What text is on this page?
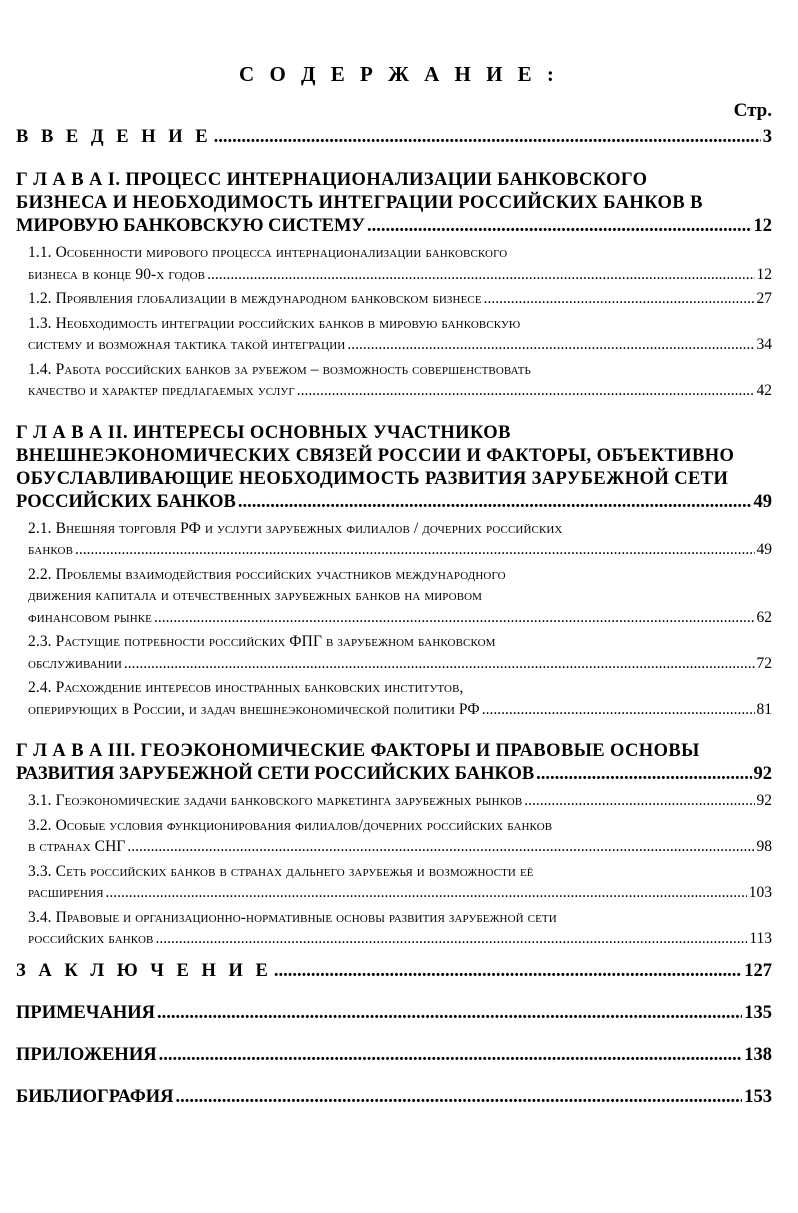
С О Д Е Р Ж А Н И Е :
Стр.
В В Е Д Е Н И Е .....	3
Г Л А В А I. ПРОЦЕСС ИНТЕРНАЦИОНАЛИЗАЦИИ БАНКОВСКОГО
БИЗНЕСА И НЕОБХОДИМОСТЬ ИНТЕГРАЦИИ РОССИЙСКИХ БАНКОВ В
МИРОВУЮ БАНКОВСКУЮ СИСТЕМУ .....	12
1.1. Особенности мирового процесса интернационализации банковского
бизнеса в конце 90-х годов .....	12
1.2. Проявления глобализации в международном банковском бизнесе .....	27
1.3. Необходимость интеграции российских банков в мировую банковскую
систему и возможная тактика такой интеграции .....	34
1.4. Работа российских банков за рубежом – возможность совершенствовать
качество и характер предлагаемых услуг .....	42
Г Л А В А II. ИНТЕРЕСЫ ОСНОВНЫХ УЧАСТНИКОВ
ВНЕШНЕЭКОНОМИЧЕСКИХ СВЯЗЕЙ РОССИИ И ФАКТОРЫ, ОБЪЕКТИВНО
ОБУСЛАВЛИВАЮЩИЕ НЕОБХОДИМОСТЬ РАЗВИТИЯ ЗАРУБЕЖНОЙ СЕТИ
РОССИЙСКИХ БАНКОВ .....	49
2.1. Внешняя торговля РФ и услуги зарубежных филиалов / дочерних российских
банков .....	49
2.2. Проблемы взаимодействия российских участников международного
движения капитала и отечественных зарубежных банков на мировом
финансовом рынке .....	62
2.3. Растущие потребности российских ФПГ в зарубежном банковском
обслуживании .....	72
2.4. Расхождение интересов иностранных банковских институтов,
оперирующих в России, и задач внешнеэкономической политики РФ .....	81
Г Л А В А III. ГЕОЭКОНОМИЧЕСКИЕ ФАКТОРЫ И ПРАВОВЫЕ ОСНОВЫ
РАЗВИТИЯ ЗАРУБЕЖНОЙ СЕТИ РОССИЙСКИХ БАНКОВ .....	92
3.1. Геоэкономические задачи банковского маркетинга зарубежных рынков .....	92
3.2. Особые условия функционирования филиалов/дочерних российских банков
в странах СНГ .....	98
3.3. Сеть российских банков в странах дальнего зарубежья и возможности её
расширения .....	103
3.4. Правовые и организационно-нормативные основы развития зарубежной сети
российских банков .....	113
З А К Л Ю Ч Е Н И Е .....	127
ПРИМЕЧАНИЯ .....	135
ПРИЛОЖЕНИЯ .....	138
БИБЛИОГРАФИЯ .....	153
